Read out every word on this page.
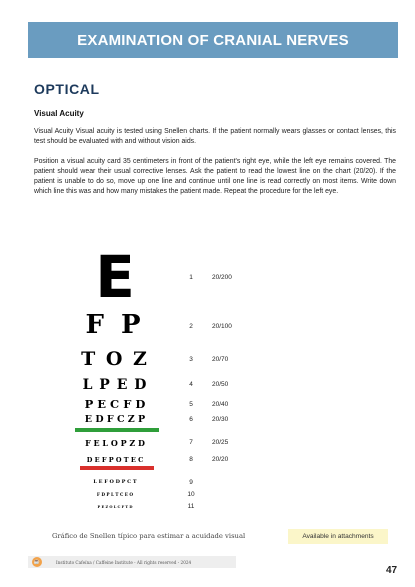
EXAMINATION OF CRANIAL NERVES
OPTICAL
Visual Acuity
Visual Acuity Visual acuity is tested using Snellen charts. If the patient normally wears glasses or contact lenses, this test should be evaluated with and without vision aids.
Position a visual acuity card 35 centimeters in front of the patient's right eye, while the left eye remains covered. The patient should wear their usual corrective lenses. Ask the patient to read the lowest line on the chart (20/20). If the patient is unable to do so, move up one line and continue until one line is read correctly on most items. Write down which line this was and how many mistakes the patient made. Repeat the procedure for the left eye.
E	1	20/200
F P	2	20/100
T O Z	3	20/70
L P E D	4	20/50
P E C F D	5	20/40
E D F C Z P	6	20/30
F E L O P Z D	7	20/25
D E F P O T E C	8	20/20
L E F O D P C T	9
F D P L T C E O	10
P E Z O L C F T D	11
Gráfico de Snellen típico para estimar a acuidade visual	Available in attachments
☕	Instituto Cafeína / Caffeine Institute - All rights reserved - 2024
47
